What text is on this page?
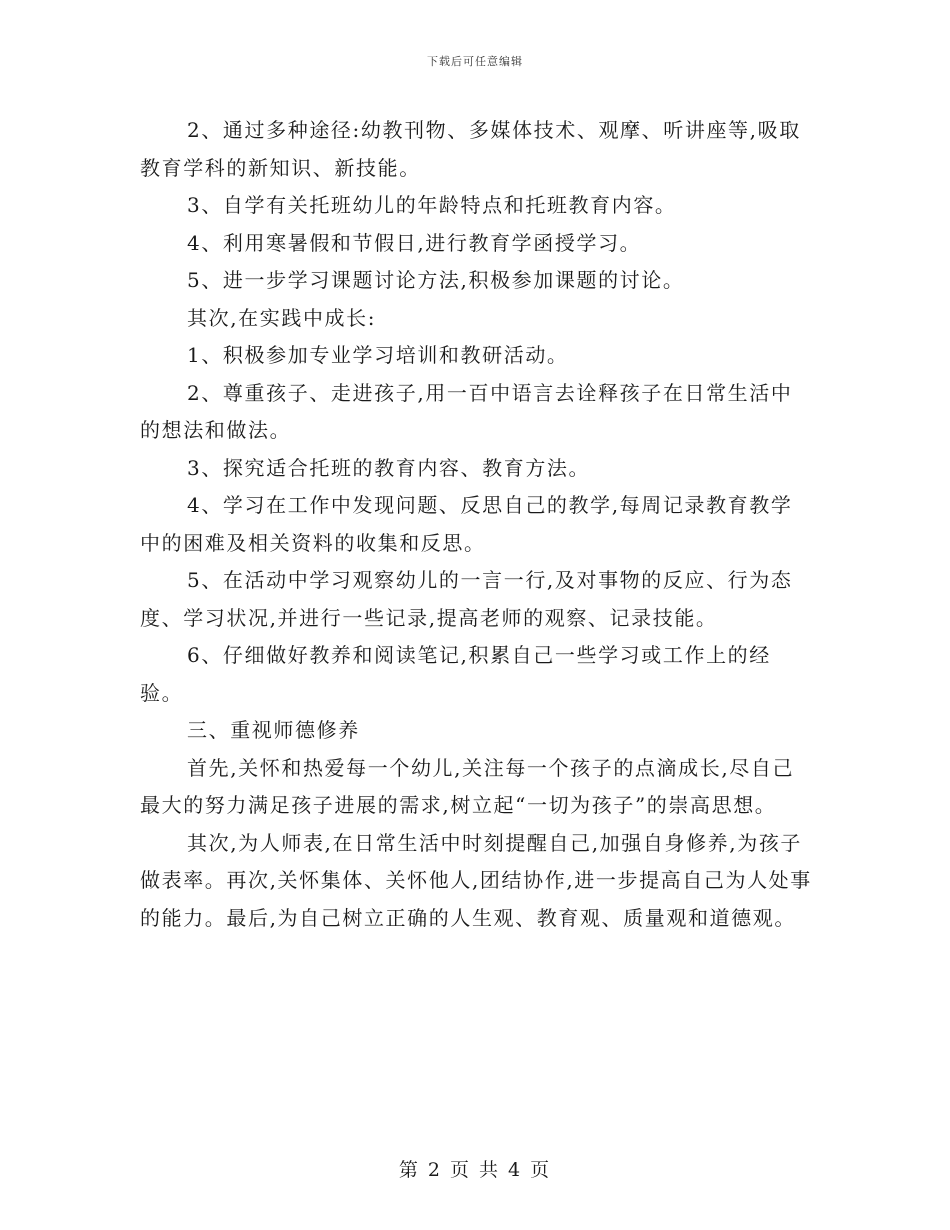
下载后可任意编辑

2、通过多种途径:幼教刊物、多媒体技术、观摩、听讲座等,吸取教育学科的新知识、新技能。

3、自学有关托班幼儿的年龄特点和托班教育内容。

4、利用寒暑假和节假日,进行教育学函授学习。

5、进一步学习课题讨论方法,积极参加课题的讨论。

其次,在实践中成长:

1、积极参加专业学习培训和教研活动。

2、尊重孩子、走进孩子,用一百中语言去诠释孩子在日常生活中的想法和做法。

3、探究适合托班的教育内容、教育方法。

4、学习在工作中发现问题、反思自己的教学,每周记录教育教学中的困难及相关资料的收集和反思。

5、在活动中学习观察幼儿的一言一行,及对事物的反应、行为态度、学习状况,并进行一些记录,提高老师的观察、记录技能。

6、仔细做好教养和阅读笔记,积累自己一些学习或工作上的经验。

三、重视师德修养

首先,关怀和热爱每一个幼儿,关注每一个孩子的点滴成长,尽自己最大的努力满足孩子进展的需求,树立起“一切为孩子”的崇高思想。

其次,为人师表,在日常生活中时刻提醒自己,加强自身修养,为孩子做表率。再次,关怀集体、关怀他人,团结协作,进一步提高自己为人处事的能力。最后,为自己树立正确的人生观、教育观、质量观和道德观。

第 2 页 共 4 页
